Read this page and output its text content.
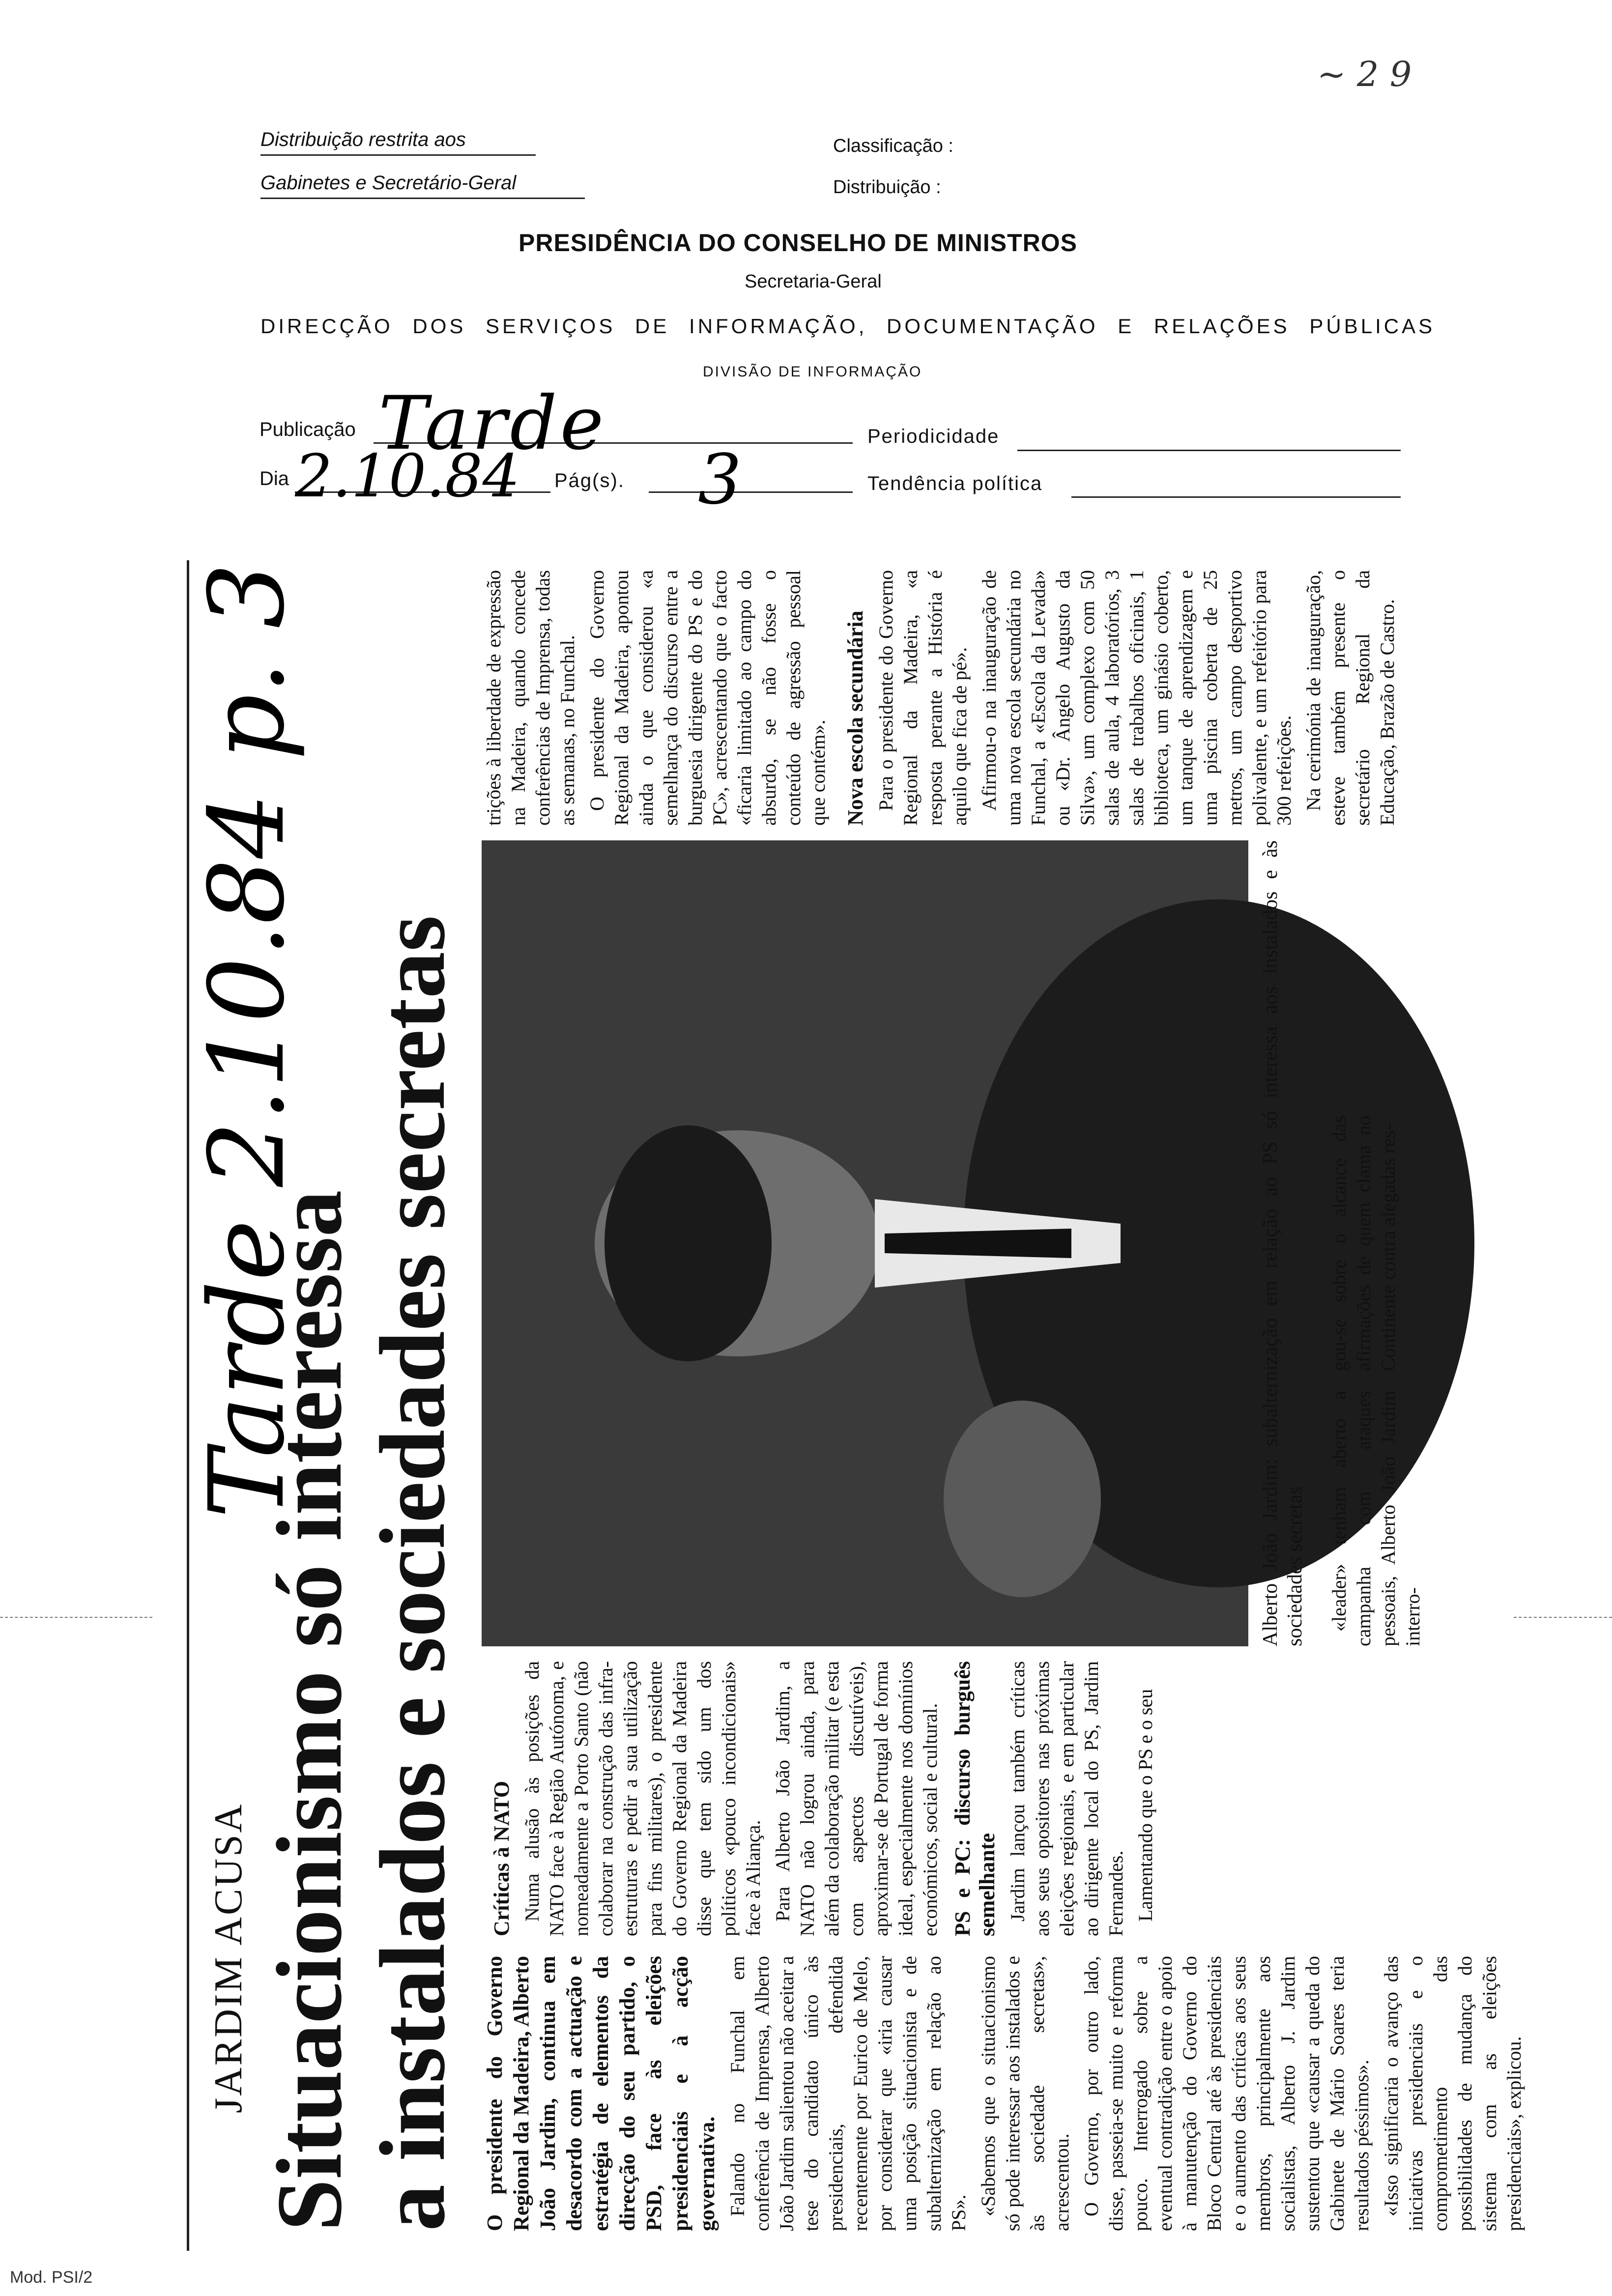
Distribuição restrita aos
Gabinetes e Secretário-Geral
Classificação :
Distribuição :
PRESIDÊNCIA DO CONSELHO DE MINISTROS
Secretaria-Geral
DIRECÇÃO DOS SERVIÇOS DE INFORMAÇÃO, DOCUMENTAÇÃO E RELAÇÕES PÚBLICAS
DIVISÃO DE INFORMAÇÃO
Publicação Tarde	Periodicidade
Dia 2.10.84 Pág(s). 3	Tendência política
~ 2 9
JARDIM ACUSA Situacionismo só interessa a instalados e sociedades secretas O presidente do Governo Regional da Madeira, Alberto João Jardim, continua em desacordo com a actuação e estratégia de elementos da direcção do seu partido, o PSD, face às eleições presidenciais e à acção governativa. Falando no Funchal em conferência de Imprensa, Alberto João Jardim salientou não aceitar a tese do candidato único às presidenciais, defendida recentemente por Eurico de Melo, por considerar que «iria causar uma posição situacionista e de subalternização em relação ao PS». «Sabemos que o situacionismo só pode interessar aos instalados e às sociedade secretas», acrescentou. O Governo, por outro lado, disse, passeia-se muito e reforma pouco. Interrogado sobre a eventual contradição entre o apoio à manutenção do Governo do Bloco Central até às presidenciais e o aumento das críticas aos seus membros, principalmente aos socialistas, Alberto J. Jardim sustentou que «causar a queda do Gabinete de Mário Soares teria resultados péssimos». «Isso significaria o avanço das iniciativas presidenciais e o comprometimento das possibilidades de mudança do sistema com as eleições presidenciais», explicou.

Críticas à NATO Numa alusão às posições da NATO face à Região Autónoma, e nomeadamente a Porto Santo (não colaborar na construção das infra-estruturas e pedir a sua utilização para fins militares), o presidente do Governo Regional da Madeira disse que tem sido um dos políticos «pouco incondicionais» face à Aliança. Para Alberto João Jardim, a NATO não logrou ainda, para além da colaboração militar (e esta com aspectos discutíveis), aproximar-se de Portugal de forma ideal, especialmente nos domínios económicos, social e cultural. PS e PC: discurso burguês semelhante Jardim lançou também críticas aos seus opositores nas próximas eleições regionais, e em particular ao dirigente local do PS, Jardim Fernandes. Lamentando que o PS e o seu

Alberto João Jardim: subalternização em relação ao PS só interessa aos instalados e às sociedades secretas	«leader» tenham aberto a campanha com ataques pessoais, Alberto João Jardim interro-

gou-se sobre o alcance das afirmações de quem clama no Continente contra alegadas res-

trições à liberdade de expressão na Madeira, quando concede conferências de Imprensa, todas as semanas, no Funchal. O presidente do Governo Regional da Madeira, apontou ainda o que considerou «a semelhança do discurso entre a burguesia dirigente do PS e do PC», acrescentando que o facto «ficaria limitado ao campo do absurdo, se não fosse o conteúdo de agressão pessoal que contém». Nova escola secundária Para o presidente do Governo Regional da Madeira, «a resposta perante a História é aquilo que fica de pé». Afirmou-o na inauguração de uma nova escola secundária no Funchal, a «Escola da Levada» ou «Dr. Ângelo Augusto da Silva», um complexo com 50 salas de aula, 4 laboratórios, 3 salas de trabalhos oficinais, 1 biblioteca, um ginásio coberto, um tanque de aprendizagem e uma piscina coberta de 25 metros, um campo desportivo polivalente, e um refeitório para 300 refeições. Na cerimónia de inauguração, esteve também presente o secretário Regional da Educação, Brazão de Castro.

Tarde 2.10.84 p. 3
Mod. PSI/2
